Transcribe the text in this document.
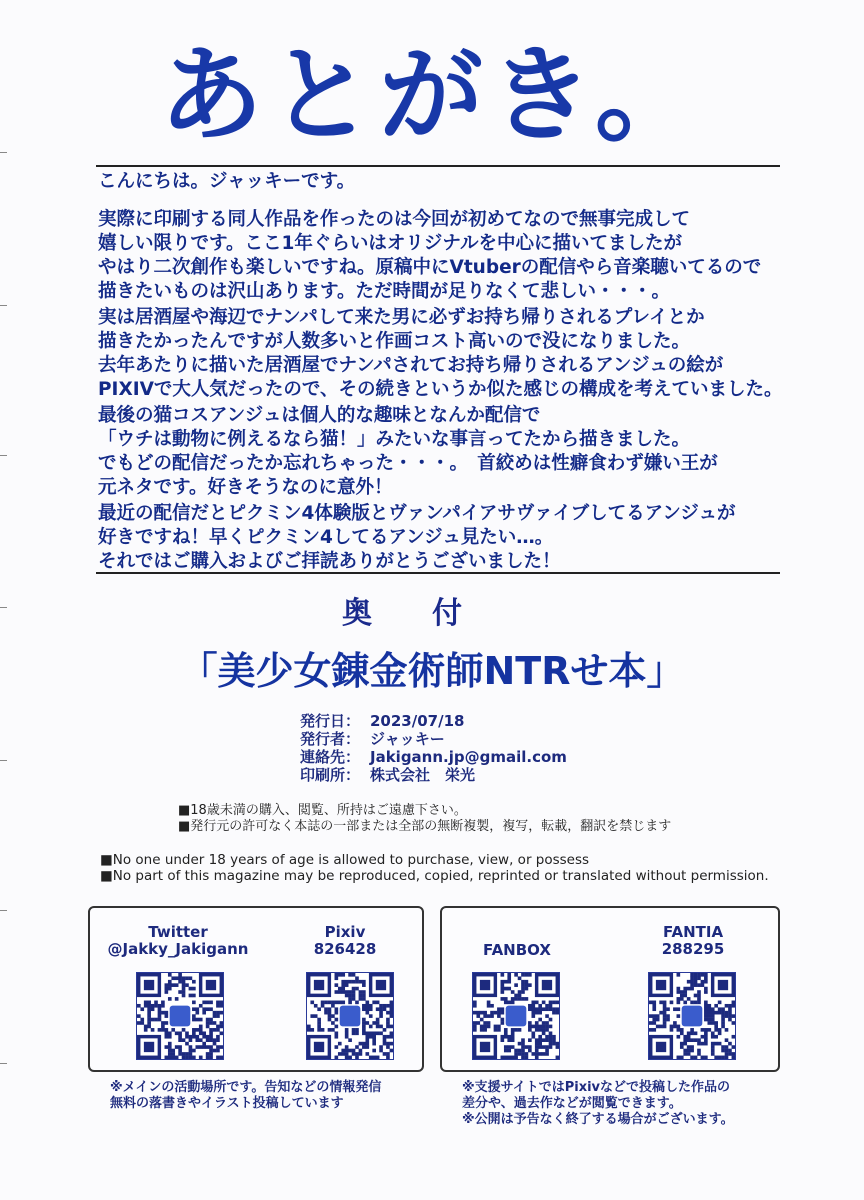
あとがき。
こんにちは。ジャッキーです。
実際に印刷する同人作品を作ったのは今回が初めてなので無事完成して
嬉しい限りです。ここ1年ぐらいはオリジナルを中心に描いてましたが
やはり二次創作も楽しいですね。原稿中にVtuberの配信やら音楽聴いてるので
描きたいものは沢山あります。ただ時間が足りなくて悲しい・・・。
実は居酒屋や海辺でナンパして来た男に必ずお持ち帰りされるプレイとか
描きたかったんですが人数多いと作画コスト高いので没になりました。
去年あたりに描いた居酒屋でナンパされてお持ち帰りされるアンジュの絵が
PIXIVで大人気だったので、その続きというか似た感じの構成を考えていました。
最後の猫コスアンジュは個人的な趣味となんか配信で
「ウチは動物に例えるなら猫！」みたいな事言ってたから描きました。
でもどの配信だったか忘れちゃった・・・。　首絞めは性癖食わず嫌い王が
元ネタです。好きそうなのに意外！
最近の配信だとピクミン4体験版とヴァンパイアサヴァイブしてるアンジュが
好きですね！早くピクミン4してるアンジュ見たい…。
それではご購入およびご拝読ありがとうございました！
奥付
「美少女錬金術師NTRせ本」
発行日： 2023/07/18
発行者： ジャッキー
連絡先： Jakigann.jp@gmail.com
印刷所： 株式会社　栄光
■18歳未満の購入、閲覧、所持はご遠慮下さい。
■発行元の許可なく本誌の一部または全部の無断複製，複写，転載，翻訳を禁じます
■No one under 18 years of age is allowed to purchase, view, or possess
■No part of this magazine may be reproduced, copied, reprinted or translated without permission.
Twitter
@Jakky_Jakigann
Pixiv
826428	FANBOX
FANTIA
288295
※メインの活動場所です。告知などの情報発信
無料の落書きやイラスト投稿しています
※支援サイトではPixivなどで投稿した作品の
差分や、過去作などが閲覧できます。
※公開は予告なく終了する場合がございます。
